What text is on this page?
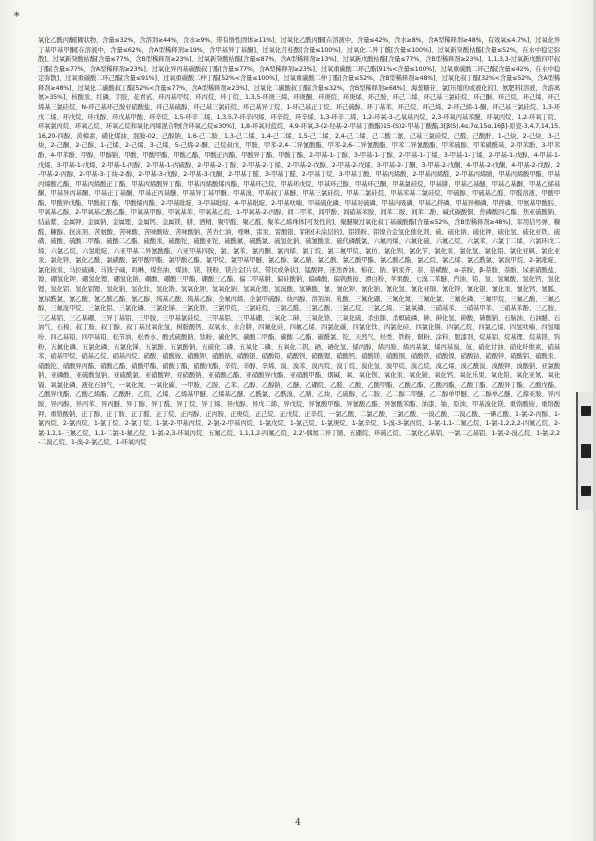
*
氧化乙酰丙酮[糊状物，含量≤32%，含溶剂≥44%，含水≥9%，带有惰性固体≥11%]、过氧化乙酰丙酮[在溶液中，含量≤42%，含水≥8%，含A型稀释剂≥48%，有效氧≤4.7%]、过氧化异丁基甲基甲酮[在溶液中，含量≤62%，含A型稀释剂≥19%，含甲基异丁基酮]、过氧化月桂酸[含量≤100%]、过氧化二异丁酰[含量≤100%]、过氧新癸酸枯酯[含量≤52%，在水中稳定弥散]、过氧新癸酸枯酯[含量≤77%，含B型稀释剂≥23%]、过氧新癸酸枯酯[含量≤87%，含A型稀释剂≥13%]、过氧新戊酸枯酯[含量≤77%，含B型稀释剂≥23%]、1,1,3,3-过氧新戊酸四甲叔丁酯[含量≤77%，含A型稀释剂≥23%]、过氧化异丙基碳酸叔丁酯[含量≤77%，含A型稀释剂≥23%]、过氧重碳酸二环己酯[91%<含量≤100%]、过氧重碳酸二环己酯[含量≤42%，在水中稳定弥散]、过氧重碳酸二环己酯[含量≤91%]、过氧重碳酸二仲丁酯[52%<含量≤100%]、过氧重碳酸二仲丁酯[含量≤52%，含B型稀释剂≥48%]、过氧化叔丁酯[32%<含量≤52%，含A型稀释剂≥48%]、过氧化二碳酸叔丁酯[52%<含量≤77%，含A型稀释剂≥23%]、过氧化二碳酸叔丁酯[含量≤32%，含B型稀释剂≥68%]、海葱糖苷、氯[压缩的或液化的]、氨肥料[溶液，含游离氨>35%]、核酸汞、红磷、芋胶、花青甙、环丙基甲烷、环丙烷、环丁烷、1,3,5-环庚三烯、环庚酮、环庚烷、环庚烯、环己胺、环己二烯、环己基三氯硅烷、环己酮、环己烷、环己烯、环己烯基三氯硅烷、N-环己基环己胺亚硝酸盐、环己基硫醇、环己基三氯硅烷、环己基异丁烷、1-环己基正丁烷、环己硫醇、环丁基苯、环己烷、环己烯、2-环己烯-1-酮、环己基三氯硅烷、1,3-环戊二烯、环戊烷、环戊醇、环戊基甲酸、环辛烷、1,5-环辛二烯、1,3,5,7-环辛四烯、环辛烷、环辛烯、1,3-环辛二烯、1,2-环氧-3-乙氧基丙烷、2,3-环氧丙基苯醚、环氧丙烷、1,2-环氧丁烷、环氧氯丙烷、环氧乙烷、环氧乙烷和氧化丙烯混合物[含环氧乙烷≤30%]、1,8-环氧对蓝烷、4,9-环氧,3-(2-羟基-2-甲基丁酸酯)15-(S)2-甲基丁酸酯,3[β(S),4α,7α,15α,16β]-原瓷-3,4,7,14,15,16,20-四醇、黄樟素、磺化煤油、混胺-02、己醇钠、1,6-己二胺、1,3-己二烯、1,4-己二烯、1,5-己二烯、2,4-己二烯、己二酸二氰、己基三氯硅烷、己醛、己酸酐、1-己炔、2-己炔、3-己炔、2-己酮、2-己醇、1-己烯、2-己烯、3-己烯、5-己烯-2-酮、己烷叔戊、甲胺、甲苯-2,4-二异氰酸酯、甲苯-2,6-二异氰酸酯、甲苯二异氰酸酯、甲苯硫醇、甲苯磺酰基、2-甲苯酚、3-甲苯酚、4-甲苯酚、甲醇、甲醇钠、甲酸、甲酸甲酯、甲酸乙酯、甲酸正丙酯、甲酸异丁酯、甲酸丁酯、2-甲基-1-丁醇、3-甲基-1-丁醇、2-甲基-1-丁烯、3-甲基-1-丁烯、2-甲基-1-戊醇、4-甲基-1-戊烯、3-甲基-1-戊烯、2-甲基-1-丙醇、2-甲基-1-丙硫醇、2-甲基-2-丁醇、2-甲基-2-丁烯、2-甲基-2-戊醇、2-甲基-2-戊烯、3-甲基-2-丁酮、3-甲基-2-戊酮、4-甲基-2-戊酮、4-甲基-2-戊醇、2-甲基-2-丙醇、2-甲基-3-丁炔-2-醇、2-甲基-3-戊醇、2-甲基-3-戊酮、2-甲基丁醛、3-甲基丁醛、2-甲基丁烷、3-甲基丁酸、甲基丙烯酸、2-甲基丙烯醛、2-甲基丙烯腈、甲基丙烯酸甲酯、甲基丙烯酸乙酯、甲基丙烯酸正丁酯、甲基丙烯酸异丁酯、甲基丙烯酸烯丙酯、甲基环己烷、甲基环戊烷、甲基环己醇、甲基环己酮、甲基氯硅烷、甲基肼、甲基乙基醚、甲基乙基酮、甲基乙烯基酮、甲基异丙基酮、甲基正丁基酮、甲基正丙基醚、甲基异丁基甲酮、甲基溴、甲基叔丁基醚、甲基三氯硅烷、甲基二氯硅烷、甲基苯基二氯硅烷、甲硫醇、甲硫基乙醛、甲醛溶液、甲酸甲酯、甲酸异戊酯、甲酸叔丁酯、甲酸烯丙酯、2-甲基吡啶、3-甲基吡啶、4-甲基吡啶、2-甲基呋喃、甲基硫化磷、甲基对硫磷、甲基内吸磷、甲基乙拌磷、甲基异柳磷、甲拌磷、甲氨基甲酸肟、甲氧基乙醇、2-甲氧基乙酸乙酯、甲氧基甲醇、甲氧基苯、甲氧基乙烷、1-甲氧基-2-丙醇、间二甲苯、间甲酚、间硝基苯胺、间苯二胺、间苯二酚、碱式碳酸铜、焦磷酸四乙酯、焦亚硫酸钠、结晶紫、金属钾、金属钠、金属锂、金属钙、金属镁、肼、酒精、聚甲醛、聚乙醛、聚苯乙烯珠体[可发性的]、聚醚聚过氧化叔丁基碳酸酯[含量≤52%，含B型稀释剂≥48%]、军用信号弹、糠醛、糠醇、抗冻剂、苦氨酸、苦味酸、苦味酸铵、苦味酸钠、苦杏仁油、喹啉、雷汞、雷酸银、铝粉[未涂层的]、铝镁粉、铝镍合金氢化催化剂、硫、硫化钠、硫化钾、硫化氢、硫化亚铁、硫磺、硫酸、硫酸二甲酯、硫酸二乙酯、硫酸汞、硫酸铊、硫酸亚铊、硫酰氟、硫酰氯、硫氢化钠、硫氰酸汞、硫代磷酰氯、六氟丙烯、六氟化硫、六氟乙烷、六氯苯、六氯丁二烯、六氯环戊二烯、六氯乙烷、六氢吡啶、六亚甲基二异氰酸酯、六亚甲基四胺、氯、氯苯、氯丙酮、氯丙烯、氯丁烷、氯二氟甲烷、氯仿、氯化钡、氯化苄、氯化汞、氯化氢、氯化铝、氯化亚砜、氯化亚汞、氯化锌、氯化乙酰、氯磺酸、氯甲酸甲酯、氯甲酸乙酯、氯甲烷、氯甲基甲醚、氯乙醇、氯乙腈、氯乙酸、氯乙酸甲酯、氯乙酸乙酯、氯乙烷、氯乙烯、氯乙酰氯、氯溴甲烷、2-氯吡啶、氯化铵汞、马拉硫磷、马钱子碱、吗啉、煤焦油、煤油、镁、镁粉、镁合金[片状、带状或条状]、锰酸钾、迷迭香油、棉花、钠、钠汞齐、萘、萘磺酸、α-萘胺、β-萘胺、萘酚、尿素硝酸盐、镍、硼氢化钾、硼氢化锂、硼氢化钠、硼酸、硼酸三甲酯、硼酸三乙酯、偏二甲基肼、偏硅酸钠、偏磷酸、偏钒酸铵、漂白粉、苹果酸、七溴二苯醚、汽油、铅、氢、氢氟酸、氢化钙、氢化锂、氢化铝、氢化铝锂、氢化钠、氢化钛、氢化锆、氢氧化钾、氢氧化钠、氢氧化锂、氢溴酸、氢碘酸、氰、氰化钾、氰化钠、氰化氢、氰化亚铜、氰化锌、氰化银、氰化汞、氰化钙、氰胍、氰尿酰氯、氰乙酸、氰乙酸乙酯、氰乙醇、巯基乙酸、巯基乙醇、全氟丙烯、全氯甲硫醇、炔丙醇、溶剂油、乳酸、三氟化硼、三氟化氮、三氟化氯、三氟化磷、三氟甲烷、三氟乙酸、三氟乙醇、三氟溴甲烷、三氯化铝、三氯化磷、三氯化锑、三氯化铁、三氯甲烷、三氯硅烷、三氯乙醛、三氯乙酸、三氯乙烷、三氯乙烯、三氯氧磷、三硝基苯、三硝基甲苯、三硝基苯酚、三乙胺、三乙基铝、三乙基硼、三异丁基铝、三甲胺、三甲基氯硅烷、三甲基铝、三甲基硼、三氧化二砷、三氧化铬、三氧化硫、杀虫脒、杀螟硫磷、砷、砷化氢、砷酸、砷酸钠、石脑油、石油醚、石油气、石棉、叔丁胺、叔丁醇、叔丁基过氧化氢、树脂酸钙、双氧水、水合肼、四氟化硅、四氟乙烯、四氯化碳、四氯化钛、四氯化硅、四氯化锡、四氯乙烷、四氯乙烯、四氢呋喃、四氢噻吩、四乙基铅、四甲基铅、松节油、松香水、酸式硫酸钠、钛粉、碳化钙、碳酸二甲酯、碳酸二乙酯、碳酰氯、铊、天然气、烃类、铁粉、铜粉、涂料、脱漆剂、烷基铝、烷基锂、烷基镁、钨粉、五氟化磷、五氯化磷、五氯化锑、五氯酚、五氯酚钠、五硫化二磷、五氧化二磷、五氧化二钒、硒、硒化氢、烯丙醇、烯丙胺、烯丙基氯、烯丙基溴、氙、硝化甘油、硝化纤维素、硝基苯、硝基甲烷、硝基乙烷、硝基丙烷、硝酸、硝酸铵、硝酸钾、硝酸钠、硝酸银、硝酸铅、硝酸钡、硝酸锶、硝酸钙、硝酸镁、硝酸铜、硝酸铁、硝酸镍、硝酸钴、硝酸锌、硝酸铝、硝酸汞、硝酸铊、硝酸异丙酯、硝酸乙酯、硝酸甲酯、硝酸丁酯、硝酸戊酯、辛烷、辛醇、辛烯、溴、溴苯、溴丙烷、溴丁烷、溴化氢、溴甲烷、溴乙烷、溴乙烯、溴乙酰溴、溴酸钾、溴酸钠、亚氯酸钠、亚磷酸、亚硫酸氢钠、亚硫酰氯、亚硝酸钾、亚硝酸钠、亚硝酸乙酯、亚硝酸异戊酯、亚硝酸甲酯、烟碱、氧、氧化钡、氧化汞、氧化铍、氧化钙、氧化乐果、氧化铅、氧化亚氮、氧化镉、氧氯化磷、液化石油气、一氧化氮、一氧化碳、一甲胺、乙胺、乙苯、乙醇、乙醇钠、乙醚、乙硼烷、乙醛、乙酸、乙酸甲酯、乙酸乙酯、乙酸丙酯、乙酸丁酯、乙酸异丁酯、乙酸戊酯、乙酸异戊酯、乙酸乙烯酯、乙酸酐、乙烷、乙烯、乙烯基甲醚、乙烯基乙醚、乙酰氯、乙酰溴、乙腈、乙炔、乙硫醇、乙二胺、乙二醇二甲醚、乙二醇单甲醚、乙二醇单乙醚、乙撑亚胺、异丙胺、异丙醇、异丙苯、异丙醚、异丁醇、异丁醛、异丁烷、异丁烯、异戊醇、异戊二烯、异戊烷、异氰酸甲酯、异氰酸乙酯、异氰酸苯酯、油漆、铀、原油、甲基溴化镁、重铬酸铵、重铬酸钾、重铬酸钠、正丁醇、正丁胺、正丁醛、正丁烷、正丙醇、正丙胺、正庚烷、正己烷、正戊烷、正辛烷、一氯乙酸、二氯乙酸、三氯乙酸、一溴乙酸、二溴乙酸、一碘乙酸、1-氯-2-丙醇、1-氯丙烷、2-氯丙烷、1-氯丁烷、2-氯丁烷、1-氯-2-甲基丙烷、2-氯-2-甲基丙烷、1-氯戊烷、1-氯己烷、1-氯庚烷、1-氯辛烷、1-溴-3-氯丙烷、1-氯-1,1-二氟乙烷、1-氯-1,2,2,2-四氟乙烷、2-氯-1,1,1-三氟乙烷、1,1-二氯-1-氟乙烷、1-氯-2,3-环氧丙烷、五氟乙烷、1,1,1,2-四氟乙烷、2,2'-偶氮二异丁腈、五硼烷、环硫乙烷、二氯化乙基铝、一氯二乙基铝、1-氯-2-溴乙烷、1-氯-2,2-二溴乙烷、1-溴-2-氯乙烷、1-环氧丙烷
4
